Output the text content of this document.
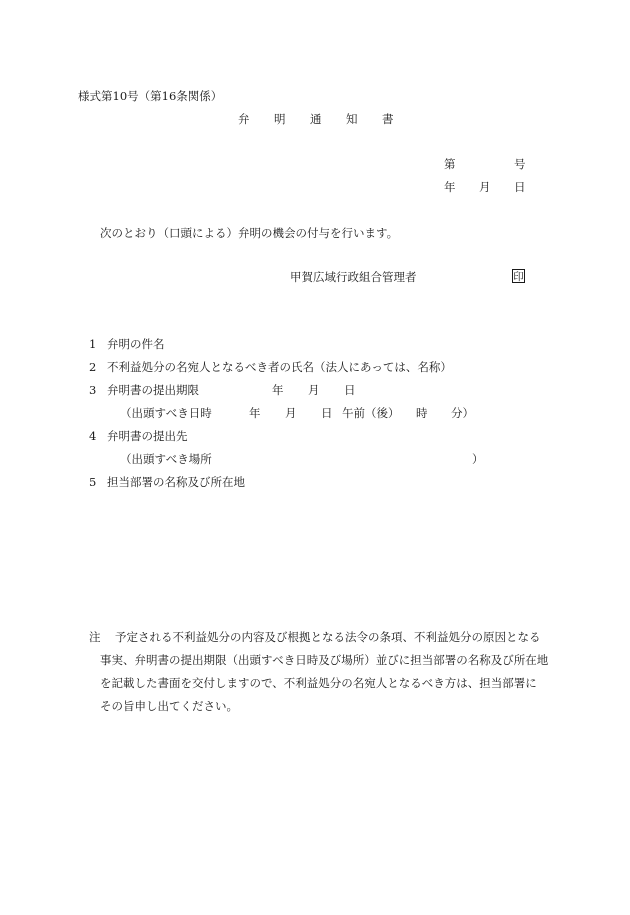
様式第10号（第16条関係）
弁 明 通 知 書
第	号
年 月 日
次のとおり（口頭による）弁明の機会の付与を行います。
甲賀広域行政組合管理者	印
1 弁明の件名
2 不利益処分の名宛人となるべき者の氏名（法人にあっては、名称）
3 弁明書の提出期限	年 月 日
（出頭すべき日時	年 月 日 午前（後） 時 分）
4 弁明書の提出先
（出頭すべき場所	）
5 担当部署の名称及び所在地
注 予定される不利益処分の内容及び根拠となる法令の条項、不利益処分の原因となる
事実、弁明書の提出期限（出頭すべき日時及び場所）並びに担当部署の名称及び所在地
を記載した書面を交付しますので、不利益処分の名宛人となるべき方は、担当部署に
その旨申し出てください。
